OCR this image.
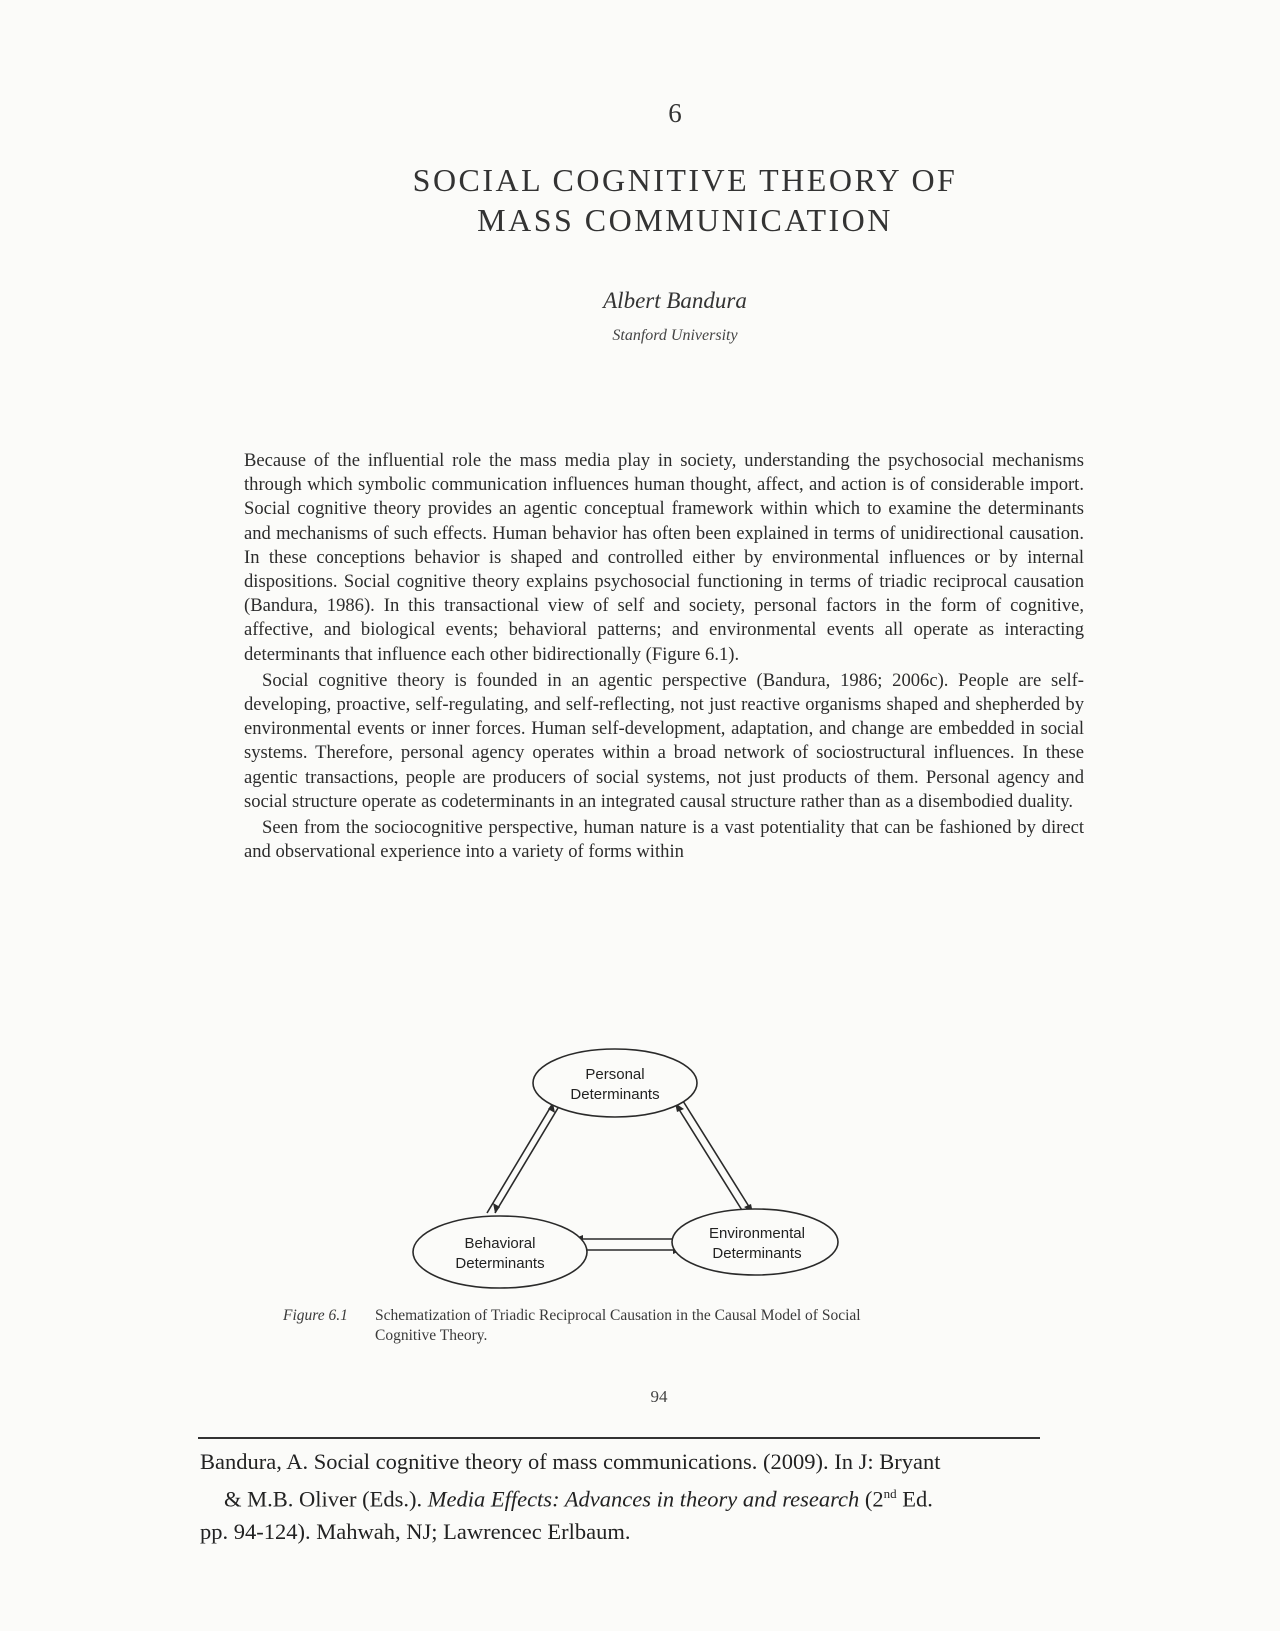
6
SOCIAL COGNITIVE THEORY OF
MASS COMMUNICATION
Albert Bandura
Stanford University

Because of the influential role the mass media play in society, understanding the psychosocial mechanisms through which symbolic communication influences human thought, affect, and action is of considerable import. Social cognitive theory provides an agentic conceptual framework within which to examine the determinants and mechanisms of such effects. Human behavior has often been explained in terms of unidirectional causation. In these conceptions behavior is shaped and controlled either by environmental influences or by internal dispositions. Social cognitive theory explains psychosocial functioning in terms of triadic reciprocal causation (Bandura, 1986). In this transactional view of self and society, personal factors in the form of cognitive, affective, and biological events; behavioral patterns; and environmental events all operate as interacting determinants that influence each other bidirectionally (Figure 6.1).

Social cognitive theory is founded in an agentic perspective (Bandura, 1986; 2006c). People are self-developing, proactive, self-regulating, and self-reflecting, not just reactive organisms shaped and shepherded by environmental events or inner forces. Human self-development, adaptation, and change are embedded in social systems. Therefore, personal agency operates within a broad network of sociostructural influences. In these agentic transactions, people are producers of social systems, not just products of them. Personal agency and social structure operate as codeterminants in an integrated causal structure rather than as a disembodied duality.

Seen from the sociocognitive perspective, human nature is a vast potentiality that can be fashioned by direct and observational experience into a variety of forms within

Personal
Determinants
Behavioral
Determinants
Environmental
Determinants
Figure 6.1 Schematization of Triadic Reciprocal Causation in the Causal Model of Social
Cognitive Theory.
94
Bandura, A. Social cognitive theory of mass communications. (2009). In J: Bryant
& M.B. Oliver (Eds.). Media Effects: Advances in theory and research (2nd Ed.
pp. 94-124). Mahwah, NJ; Lawrencec Erlbaum.
